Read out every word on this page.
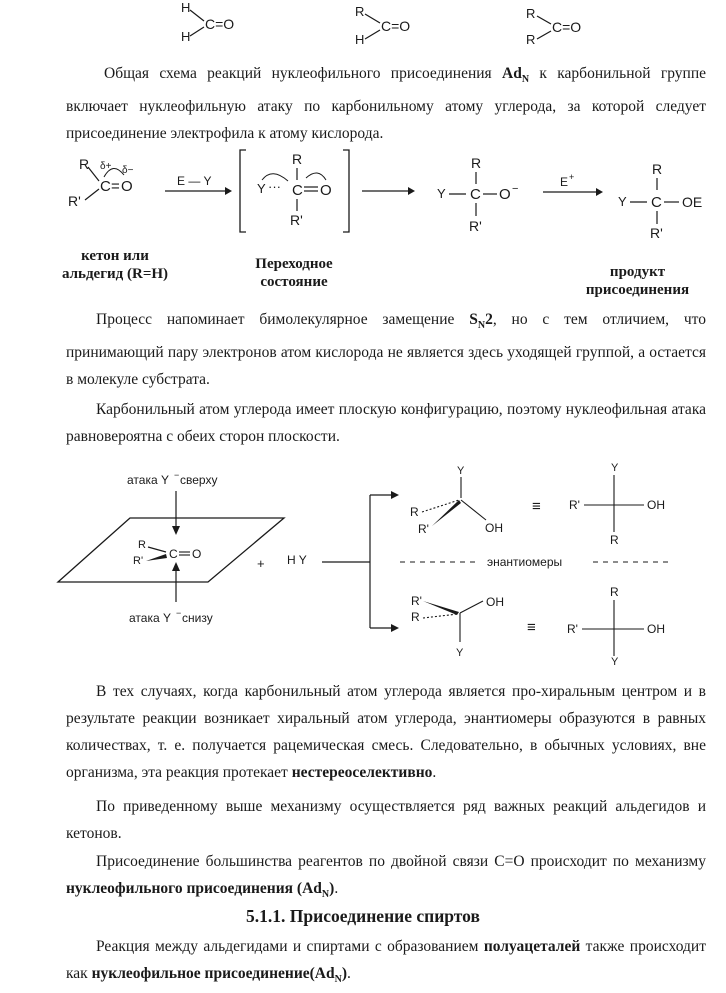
H
H
C=O
R
H
C=O
R
R
C=O
Общая схема реакций нуклеофильного присоединения $Ad_N$ к карбонильной группе включает нуклеофильную атаку по карбонильному атому углерода, за которой следует присоединение электрофила к атому кислорода.
R
R'
C = O
δ+ δ−
E — Y
R
Y ··· C O
R'
R
Y C O −
R'
E +	R
Y C OE
R'
кетон или
альдегид (R=H)
Переходное
состояние
продукт
присоединения
Процесс напоминает бимолекулярное замещение $S_N2$, но с тем отличием, что принимающий пару электронов атом кислорода не является здесь уходящей группой, а остается в молекуле субстрата.
Карбонильный атом углерода имеет плоскую конфигурацию, поэтому нуклеофильная атака равновероятна с обеих сторон плоскости.
атака Y − сверху
R
R' C O
атака Y − снизу
+ H Y
Y
R
R'	OH
≡
Y
R'	OH
R
энантиомеры
R'
R
OH
Y
≡
R
R'	OH
Y
В тех случаях, когда карбонильный атом углерода является про-хиральным центром и в результате реакции возникает хиральный атом углерода, энантиомеры образуются в равных количествах, т. е. получается рацемическая смесь. Следовательно, в обычных условиях, вне организма, эта реакция протекает нестереоселективно.
По приведенному выше механизму осуществляется ряд важных реакций альдегидов и кетонов.
Присоединение большинства реагентов по двойной связи C=O происходит по механизму нуклеофильного присоединения $(Ad_N)$.
5.1.1. Присоединение спиртов
Реакция между альдегидами и спиртами с образованием полуацеталей также происходит как нуклеофильное $присоединение(Ad_N)$.
